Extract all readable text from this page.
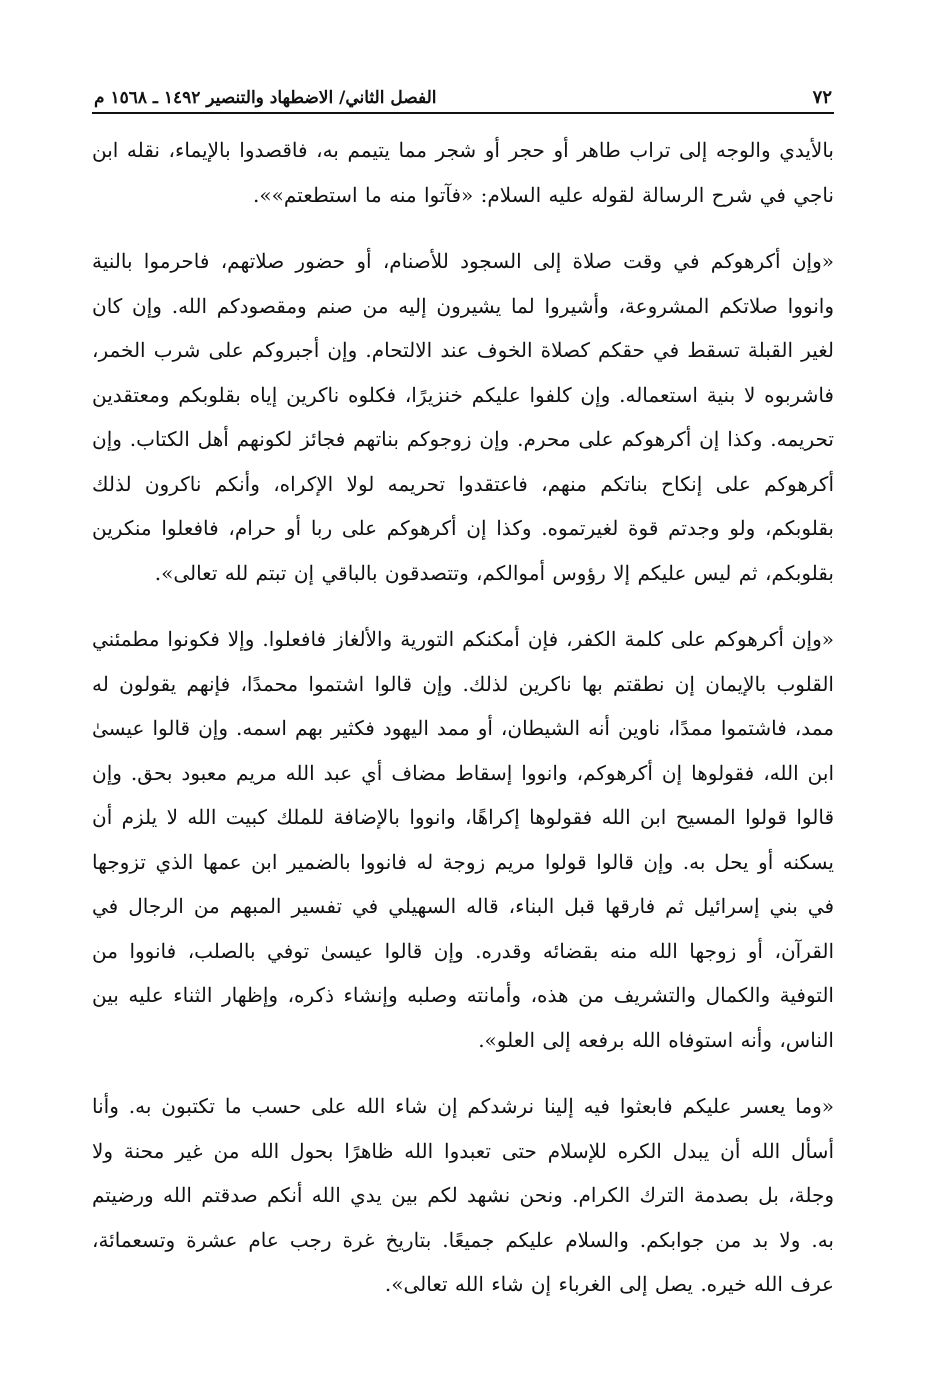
٧٢
الفصل الثاني/ الاضطهاد والتنصير ١٤٩٢ ـ ١٥٦٨ م

بالأيدي والوجه إلى تراب طاهر أو حجر أو شجر مما يتيمم به، فاقصدوا بالإيماء، نقله ابن ناجي في شرح الرسالة لقوله عليه السلام: «فآتوا منه ما استطعتم»».

«وإن أكرهوكم في وقت صلاة إلى السجود للأصنام، أو حضور صلاتهم، فاحرموا بالنية وانووا صلاتكم المشروعة، وأشيروا لما يشيرون إليه من صنم ومقصودكم الله. وإن كان لغير القبلة تسقط في حقكم كصلاة الخوف عند الالتحام. وإن أجبروكم على شرب الخمر، فاشربوه لا بنية استعماله. وإن كلفوا عليكم خنزيرًا، فكلوه ناكرين إياه بقلوبكم ومعتقدين تحريمه. وكذا إن أكرهوكم على محرم. وإن زوجوكم بناتهم فجائز لكونهم أهل الكتاب. وإن أكرهوكم على إنكاح بناتكم منهم، فاعتقدوا تحريمه لولا الإكراه، وأنكم ناكرون لذلك بقلوبكم، ولو وجدتم قوة لغيرتموه. وكذا إن أكرهوكم على ربا أو حرام، فافعلوا منكرين بقلوبكم، ثم ليس عليكم إلا رؤوس أموالكم، وتتصدقون بالباقي إن تبتم لله تعالى».

«وإن أكرهوكم على كلمة الكفر، فإن أمكنكم التورية والألغاز فافعلوا. وإلا فكونوا مطمئني القلوب بالإيمان إن نطقتم بها ناكرين لذلك. وإن قالوا اشتموا محمدًا، فإنهم يقولون له ممد، فاشتموا ممدًا، ناوين أنه الشيطان، أو ممد اليهود فكثير بهم اسمه. وإن قالوا عيسىٰ ابن الله، فقولوها إن أكرهوكم، وانووا إسقاط مضاف أي عبد الله مريم معبود بحق. وإن قالوا قولوا المسيح ابن الله فقولوها إكراهًا، وانووا بالإضافة للملك كبيت الله لا يلزم أن يسكنه أو يحل به. وإن قالوا قولوا مريم زوجة له فانووا بالضمير ابن عمها الذي تزوجها في بني إسرائيل ثم فارقها قبل البناء، قاله السهيلي في تفسير المبهم من الرجال في القرآن، أو زوجها الله منه بقضائه وقدره. وإن قالوا عيسىٰ توفي بالصلب، فانووا من التوفية والكمال والتشريف من هذه، وأمانته وصلبه وإنشاء ذكره، وإظهار الثناء عليه بين الناس، وأنه استوفاه الله برفعه إلى العلو».

«وما يعسر عليكم فابعثوا فيه إلينا نرشدكم إن شاء الله على حسب ما تكتبون به. وأنا أسأل الله أن يبدل الكره للإسلام حتى تعبدوا الله ظاهرًا بحول الله من غير محنة ولا وجلة، بل بصدمة الترك الكرام. ونحن نشهد لكم بين يدي الله أنكم صدقتم الله ورضيتم به. ولا بد من جوابكم. والسلام عليكم جميعًا. بتاريخ غرة رجب عام عشرة وتسعمائة، عرف الله خيره. يصل إلى الغرباء إن شاء الله تعالى».
